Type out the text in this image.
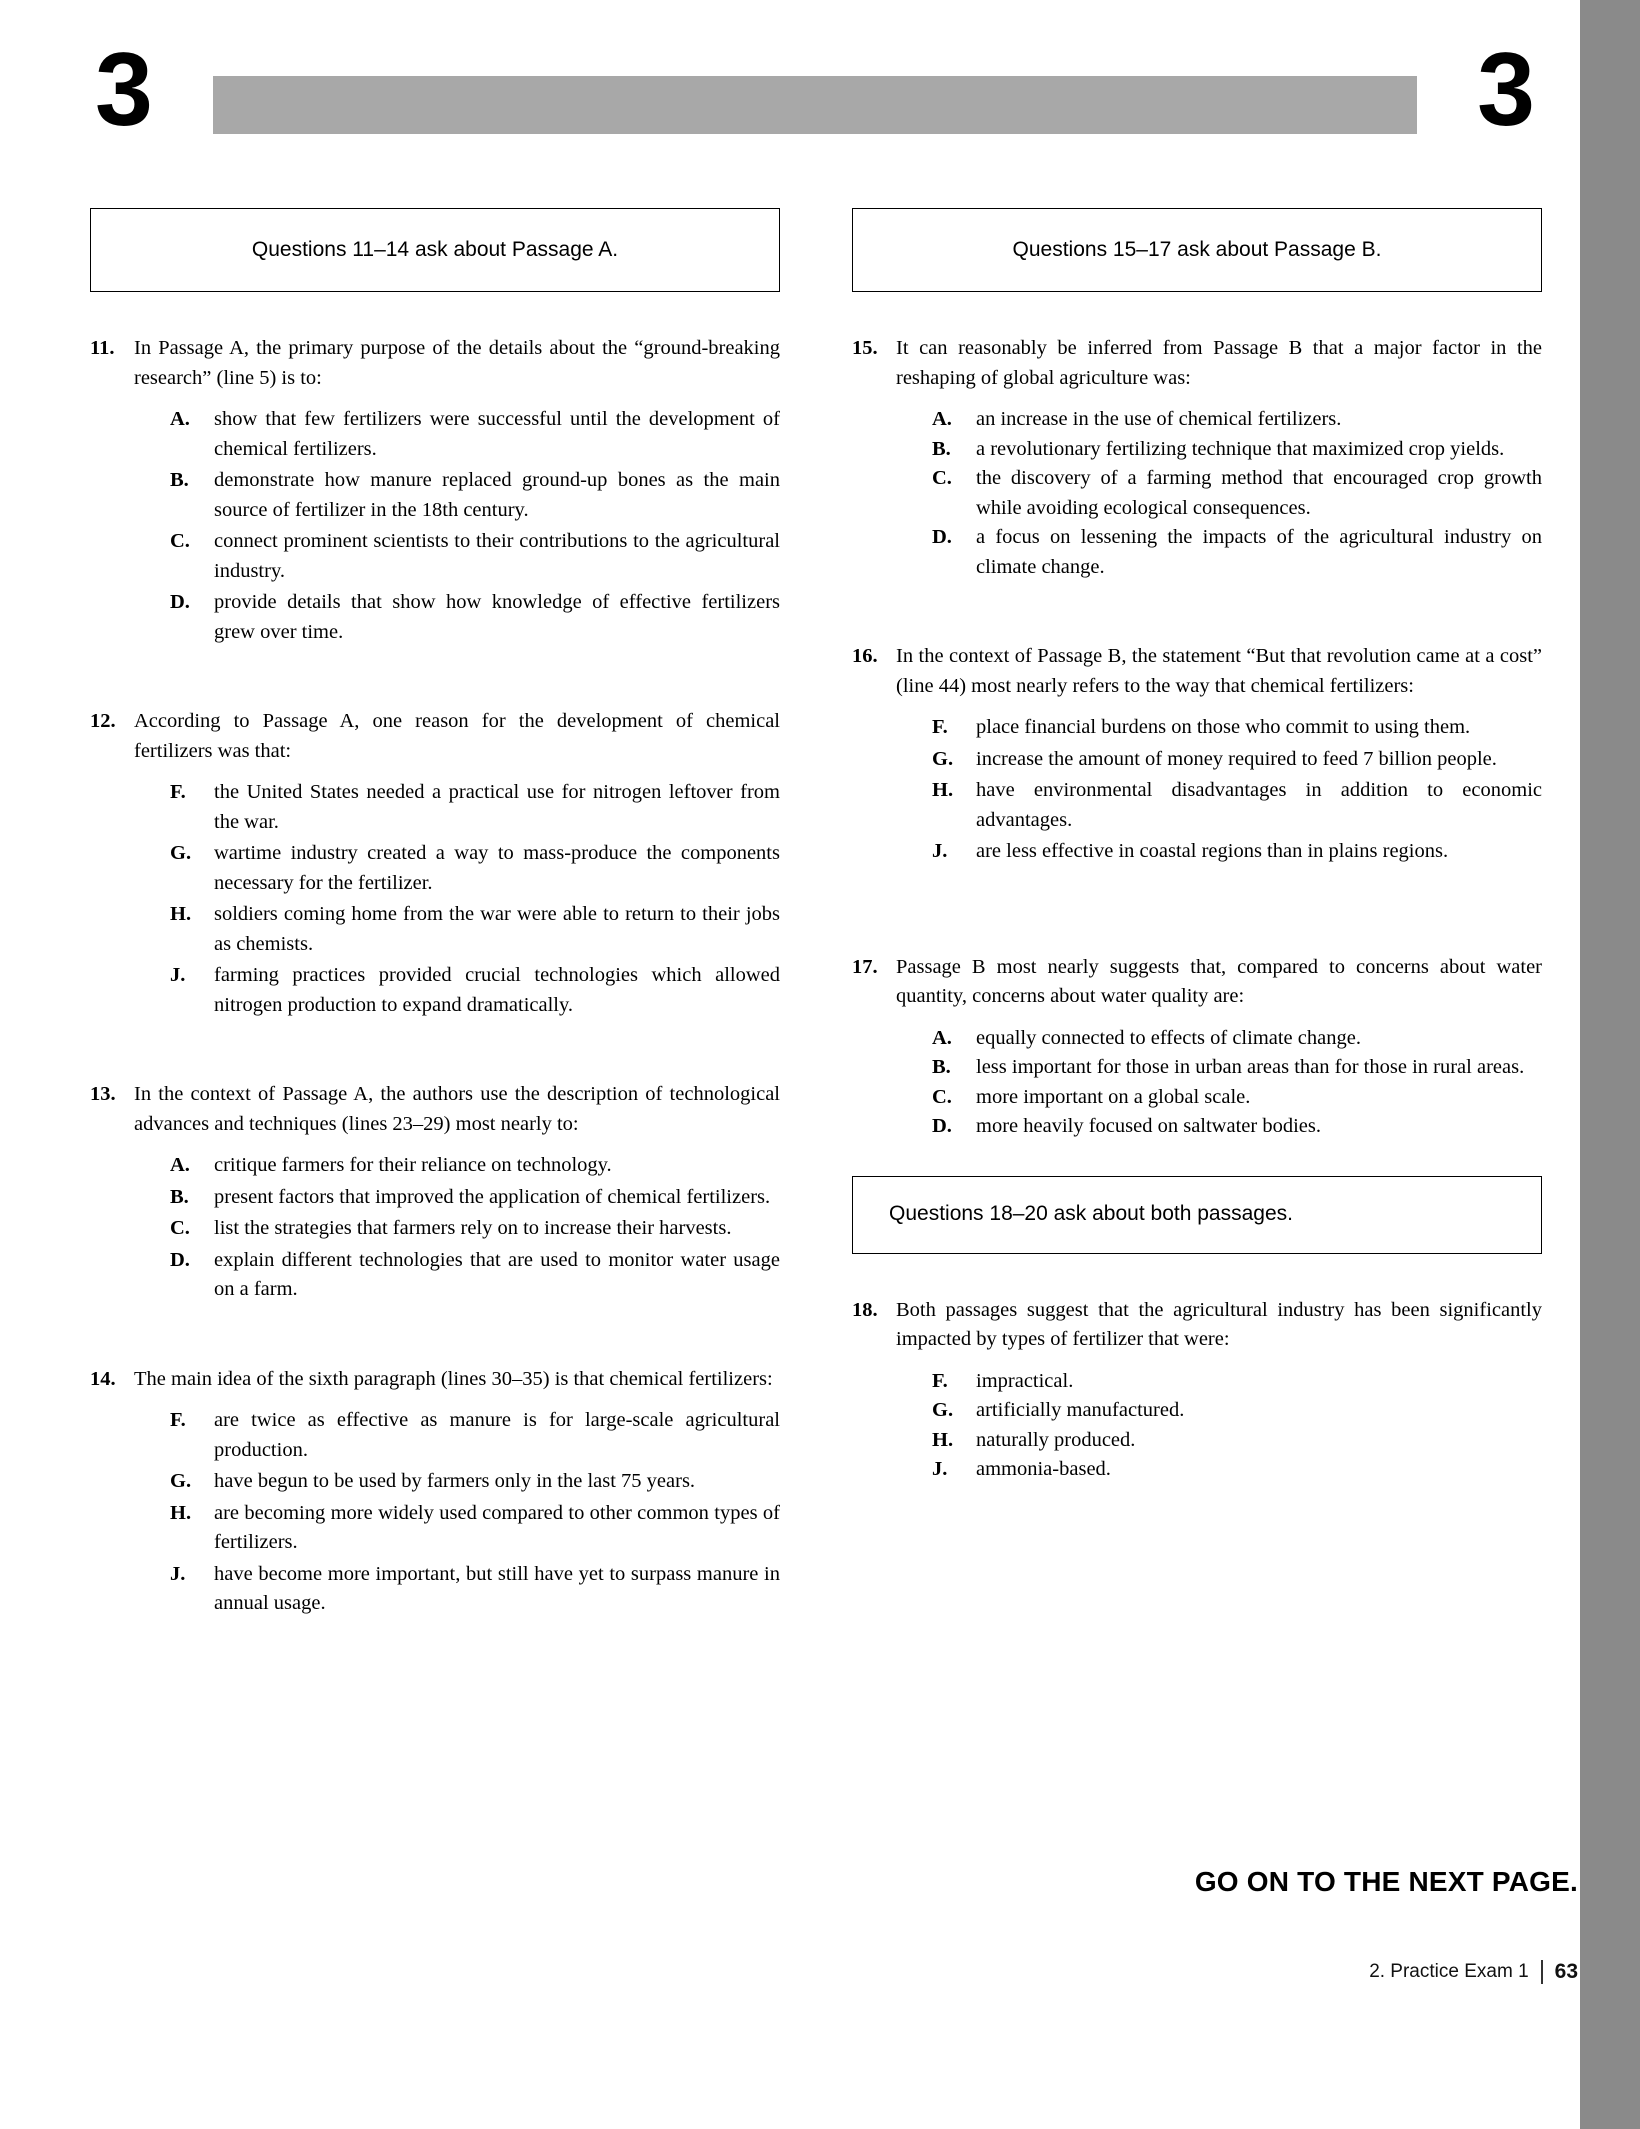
3	3
Questions 11–14 ask about Passage A.
11. In Passage A, the primary purpose of the details about the “ground-breaking research” (line 5) is to:
A. show that few fertilizers were successful until the development of chemical fertilizers.
B. demonstrate how manure replaced ground-up bones as the main source of fertilizer in the 18th century.
C. connect prominent scientists to their contributions to the agricultural industry.
D. provide details that show how knowledge of effective fertilizers grew over time.
12. According to Passage A, one reason for the development of chemical fertilizers was that:
F. the United States needed a practical use for nitrogen leftover from the war.
G. wartime industry created a way to mass-produce the components necessary for the fertilizer.
H. soldiers coming home from the war were able to return to their jobs as chemists.
J. farming practices provided crucial technologies which allowed nitrogen production to expand dramatically.
13. In the context of Passage A, the authors use the description of technological advances and techniques (lines 23–29) most nearly to:
A. critique farmers for their reliance on technology.
B. present factors that improved the application of chemical fertilizers.
C. list the strategies that farmers rely on to increase their harvests.
D. explain different technologies that are used to monitor water usage on a farm.
14. The main idea of the sixth paragraph (lines 30–35) is that chemical fertilizers:
F. are twice as effective as manure is for large-scale agricultural production.
G. have begun to be used by farmers only in the last 75 years.
H. are becoming more widely used compared to other common types of fertilizers.
J. have become more important, but still have yet to surpass manure in annual usage.
Questions 15–17 ask about Passage B.
15. It can reasonably be inferred from Passage B that a major factor in the reshaping of global agriculture was:
A. an increase in the use of chemical fertilizers.
B. a revolutionary fertilizing technique that maximized crop yields.
C. the discovery of a farming method that encouraged crop growth while avoiding ecological consequences.
D. a focus on lessening the impacts of the agricultural industry on climate change.
16. In the context of Passage B, the statement “But that revolution came at a cost” (line 44) most nearly refers to the way that chemical fertilizers:
F. place financial burdens on those who commit to using them.
G. increase the amount of money required to feed 7 billion people.
H. have environmental disadvantages in addition to economic advantages.
J. are less effective in coastal regions than in plains regions.
17. Passage B most nearly suggests that, compared to concerns about water quantity, concerns about water quality are:
A. equally connected to effects of climate change.
B. less important for those in urban areas than for those in rural areas.
C. more important on a global scale.
D. more heavily focused on saltwater bodies.
Questions 18–20 ask about both passages.
18. Both passages suggest that the agricultural industry has been significantly impacted by types of fertilizer that were:
F. impractical.
G. artificially manufactured.
H. naturally produced.
J. ammonia-based.
GO ON TO THE NEXT PAGE.
2. Practice Exam 1 63
